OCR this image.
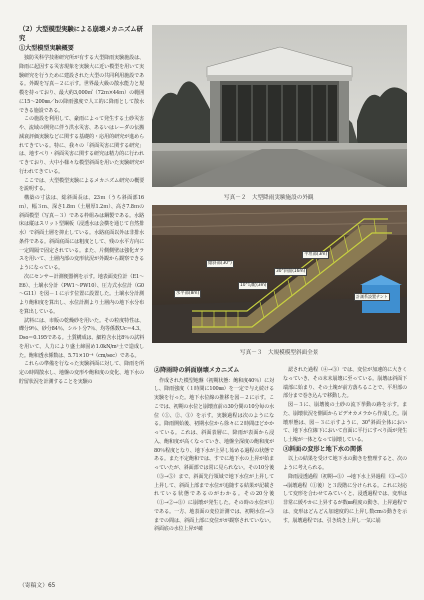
（2）大型模型実験による崩壊メカニズム研究
①大型模型実験概要

独防災科学技術研究所が有する大型降雨実験施設は、降雨に起因する災害現象を実験大に近い模型を用いて実験研究を行うために建設された大型の共同利用施設である。外観を写真－２に示す。世界最大級の散水能力と規模を持っており、最大約3,000㎡（72ｍ×44ｍ）の範囲に15～200㎜／hの降雨強度で人工的に降雨として散水できる施設である。

この施設を利用して、豪雨によって発生する土砂災害や、流域の開発に伴う洪水災害、あるいはレーダの伝搬減衰評価実験などに関する基礎的・応用的研究が進められてきている。特に、我々の「斜面災害に関する研究」は、地すべり・斜面災害に関する研究は精力的に行われてきており、大中小様々な模型斜面を用いた実験研究が行われてきている。

ここでは、大型模型実験によるメカニズム研究の概要を説明する。

構築の寸法は、総斜面長は、23ｍ（うち斜面部16ｍ）、幅３ｍ、深さ1.8ｍ（土層厚1.2ｍ）、高さ7.8ｍの斜面模型（写真－３）である枠組みは鋼製である。水路床は縦はスリット型鋼板（浸透水は会横を通じて自然排水）で斜面土層を抑止している。水路底面以外は非排水条件である。斜面底面には粗度として、残の水平方向に一定間隔で固定されている。また、片側側壁は強化ガラスを用いて、土層内部の変形状況が外観から観察できるようになっている。

次にセンサー計測便器例を示す。地表面変位計（E1～E6）、土壌水分計（PW1～PW10）、圧力式水位計（G0～G11）を図－１に示す位置に設置した。土壌水分計測より飽和度を算出し、水位計測より土層内の地下水分布を算出している。

試料には、市販の乾燥砂を用いた。その粒度特性は、礫分9％、砂分84％、シルト分7％、均等係数Uc＝4.3、Dso＝0.195である。土質構成は、細粒含水比8％の試料を用いて、人力により盛土締固め1.0kN/m³土で造成した。飽和透水係数は、5.71×10⁻⁴（cm/sec）である。

これらの準備を行なった実験斜面に対して、降雨を所定の時間散水し、地盤の変形や飽和度の変化、地下水の貯留状況を計測することを実験の

写真－２　大型降雨実験施設の外観
傾斜部(30°)
平坦部(3m)
水平部(8m)
10°勾配(3m)
30°斜面(16m)
計測系設置テント
写真－３　大規模模型斜面全景
②降雨時の斜面崩壊メカニズム

作成された模型地盤（初期状態：飽和度40％）に対し、降雨強度（１時間に100㎜）を一定で与え続ける実験を行った。地下水位線の推移を図－２に示す。ここでは、初期の水位と崩壊直前の30分間の10分毎の水位（①、②、③）を示す。実験過程は次のようになる。降雨開始後、初期水位から徐々に２時間ほどかかっている。これは、斜面表層に、降雨が表面から浸入、飽和度が高くなっていき、地盤全深度の飽和度が80％程度となり、地下水が上昇し始める過程の状態である。また不定飽和では、すでに地下水の上昇が始まっていたが、斜面部では常に見られない。その10分後（③→⑤）まで、斜面先行領域で地下水位が上昇して上昇して、斜面上部まで水位が追随する結果が記載されている状態であるのがわかる。その20分後（①→②→③）に崩壊が発生した。その時の水位が①である。一方、地表面の変位計測では、初期水位→③までの間は、斜面上部に変位がが観察されていない。斜面底の水位上昇が確

認された過程（④→③）では、変位が加速的に大きくなっていき、その末末崩壊に至っている。崩壊は斜面下端部に始まり、その土塊が前方落ちることで、平坦部の部分まで巻き込んで移動した。

図－３に、崩壊後の土砂の流下挙動の跡を示す。また、崩壊状況を側面からビデオカメラから作成した。崩壊形態は、図－３に示すように、30°斜面全体において、地下水位線下において直面に平行にすべり面が発生し土塊が一体となって崩壊している。

③斜面の変形と地下水の関係

以上の結果を受けて地下水の動きを整理すると、次のように考えられる。

降雨浸透過程（初期→③）→地下水上昇過程（③→⑤）→崩壊過程（①後）と３段階に分けられる。これに対応して変形を合わせてみていくと、浸透過程では、変形は非常に緩やかに上昇するが数㎜程度の動き、上昇過程では、変形はどんどん加速度的に上昇し数cmの動きを示す。崩壊過程では、引き続き上昇し一気に崩

（寄稿文）65
